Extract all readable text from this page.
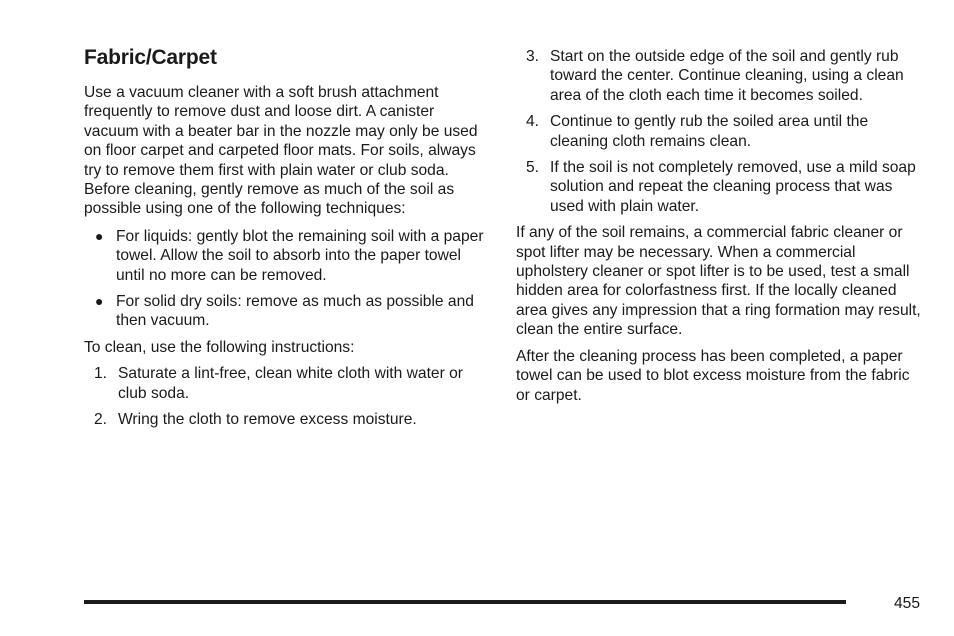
Fabric/Carpet

Use a vacuum cleaner with a soft brush attachment frequently to remove dust and loose dirt. A canister vacuum with a beater bar in the nozzle may only be used on floor carpet and carpeted floor mats. For soils, always try to remove them first with plain water or club soda. Before cleaning, gently remove as much of the soil as possible using one of the following techniques:

● For liquids: gently blot the remaining soil with a paper towel. Allow the soil to absorb into the paper towel until no more can be removed.
● For solid dry soils: remove as much as possible and then vacuum.

To clean, use the following instructions:

1. Saturate a lint-free, clean white cloth with water or club soda.
2. Wring the cloth to remove excess moisture.
3. Start on the outside edge of the soil and gently rub toward the center. Continue cleaning, using a clean area of the cloth each time it becomes soiled.
4. Continue to gently rub the soiled area until the cleaning cloth remains clean.
5. If the soil is not completely removed, use a mild soap solution and repeat the cleaning process that was used with plain water.

If any of the soil remains, a commercial fabric cleaner or spot lifter may be necessary. When a commercial upholstery cleaner or spot lifter is to be used, test a small hidden area for colorfastness first. If the locally cleaned area gives any impression that a ring formation may result, clean the entire surface.

After the cleaning process has been completed, a paper towel can be used to blot excess moisture from the fabric or carpet.

455
